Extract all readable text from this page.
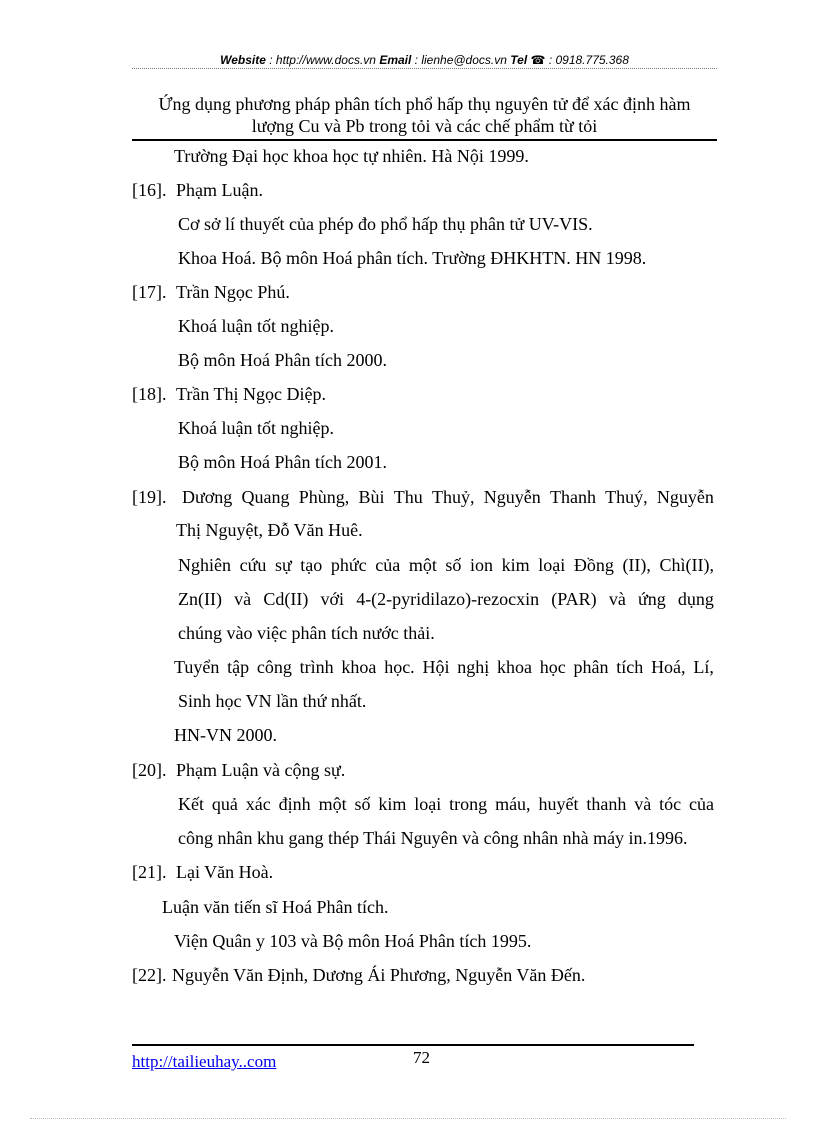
Website : http://www.docs.vn Email : lienhe@docs.vn Tel ☎ : 0918.775.368
Ứng dụng phương pháp phân tích phổ hấp thụ nguyên tử để xác định hàm
lượng Cu và Pb trong tỏi và các chế phẩm từ tỏi
Trường Đại học khoa học tự nhiên. Hà Nội 1999.
[16]. Phạm Luận.
Cơ sở lí thuyết của phép đo phổ hấp thụ phân tử UV-VIS.
Khoa Hoá. Bộ môn Hoá phân tích. Trường ĐHKHTN. HN 1998.
[17]. Trần Ngọc Phú.
Khoá luận tốt nghiệp.
Bộ môn Hoá Phân tích 2000.
[18]. Trần Thị Ngọc Diệp.
Khoá luận tốt nghiệp.
Bộ môn Hoá Phân tích 2001.
[19]. Dương Quang Phùng, Bùi Thu Thuỷ, Nguyễn Thanh Thuý, Nguyễn
Thị Nguyệt, Đỗ Văn Huê.
Nghiên cứu sự tạo phức của một số ion kim loại Đồng (II), Chì(II),
Zn(II) và Cd(II) với 4-(2-pyridilazo)-rezocxin (PAR) và ứng dụng
chúng vào việc phân tích nước thải.
Tuyển tập công trình khoa học. Hội nghị khoa học phân tích Hoá, Lí,
Sinh học VN lần thứ nhất.
HN-VN 2000.
[20]. Phạm Luận và cộng sự.
Kết quả xác định một số kim loại trong máu, huyết thanh và tóc của
công nhân khu gang thép Thái Nguyên và công nhân nhà máy in.1996.
[21]. Lại Văn Hoà.
Luận văn tiến sĩ Hoá Phân tích.
Viện Quân y 103 và Bộ môn Hoá Phân tích 1995.
[22]. Nguyễn Văn Định, Dương Ái Phương, Nguyễn Văn Đến.
http://tailieuhay..com	72
